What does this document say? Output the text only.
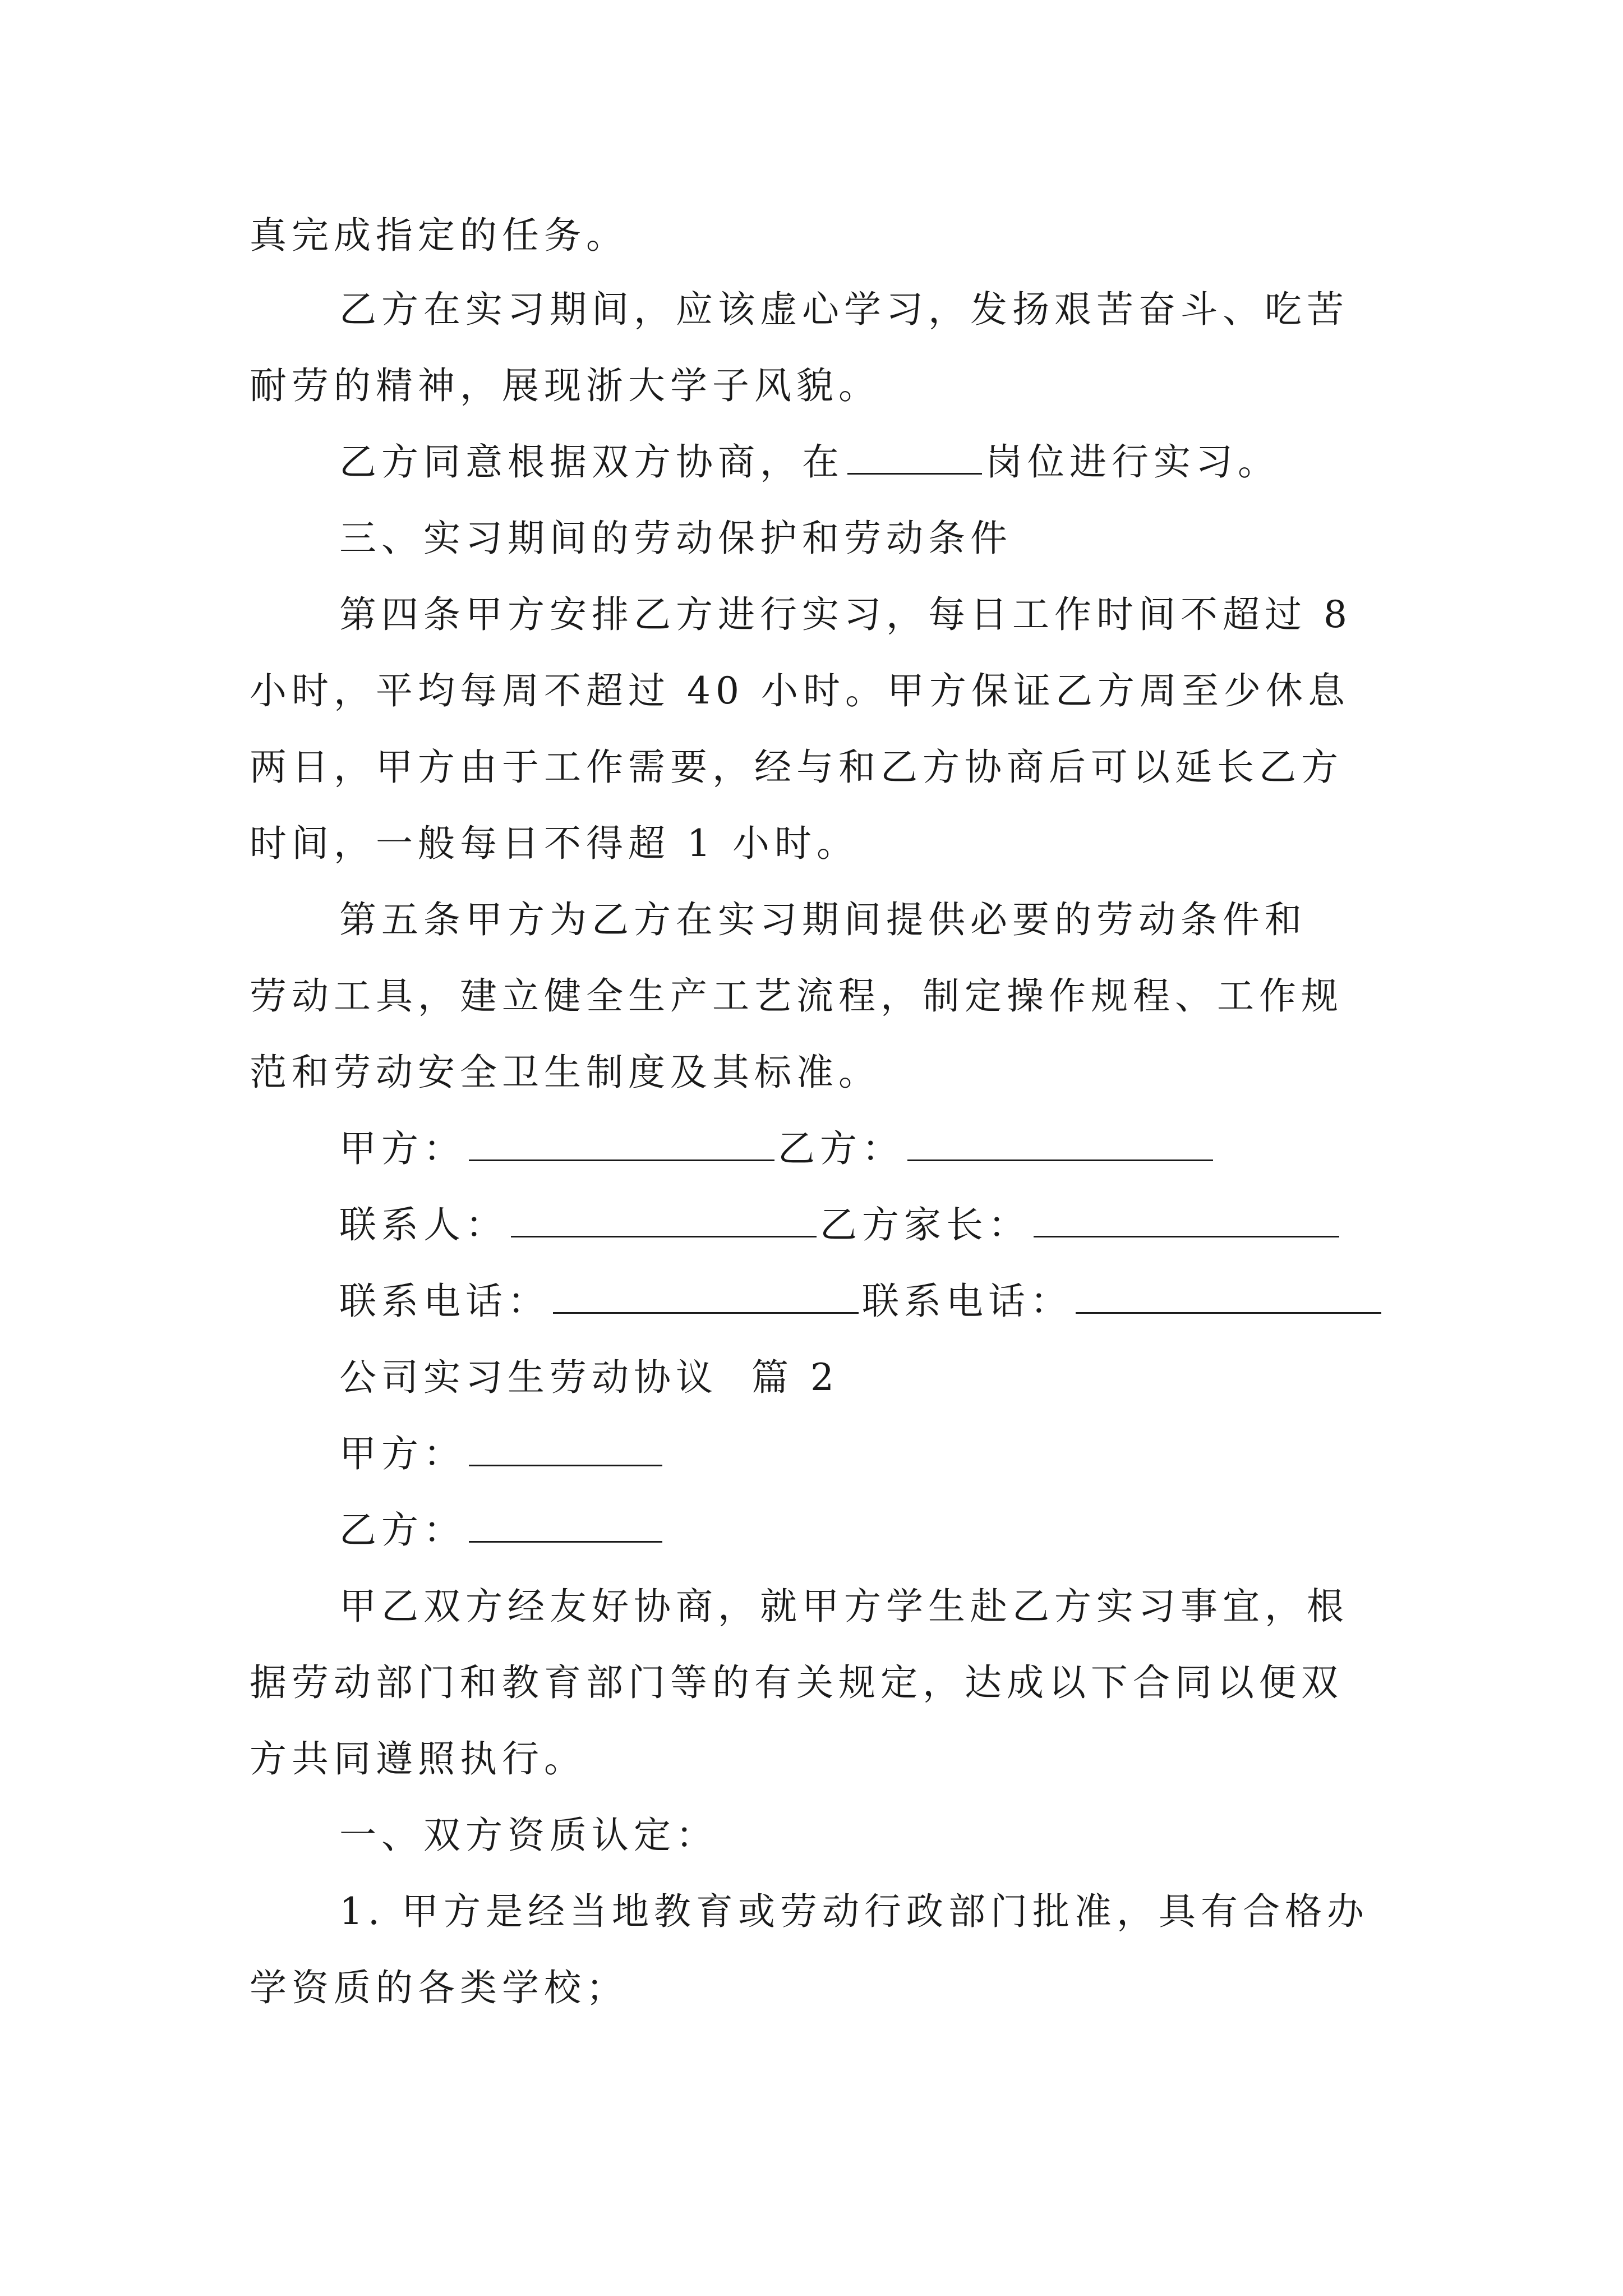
真完成指定的任务。
乙方在实习期间，应该虚心学习，发扬艰苦奋斗、吃苦
耐劳的精神，展现浙大学子风貌。
乙方同意根据双方协商，在	岗位进行实习。
三、实习期间的劳动保护和劳动条件
第四条甲方安排乙方进行实习，每日工作时间不超过 8
小时，平均每周不超过 40 小时。甲方保证乙方周至少休息
两日，甲方由于工作需要，经与和乙方协商后可以延长乙方
时间，一般每日不得超 1 小时。
第五条甲方为乙方在实习期间提供必要的劳动条件和
劳动工具，建立健全生产工艺流程，制定操作规程、工作规
范和劳动安全卫生制度及其标准。
甲方：	乙方：
联系人：	乙方家长：
联系电话：	联系电话：
公司实习生劳动协议  篇 2
甲方：
乙方：
甲乙双方经友好协商，就甲方学生赴乙方实习事宜，根
据劳动部门和教育部门等的有关规定，达成以下合同以便双
方共同遵照执行。
一、双方资质认定：
1. 甲方是经当地教育或劳动行政部门批准，具有合格办
学资质的各类学校；
